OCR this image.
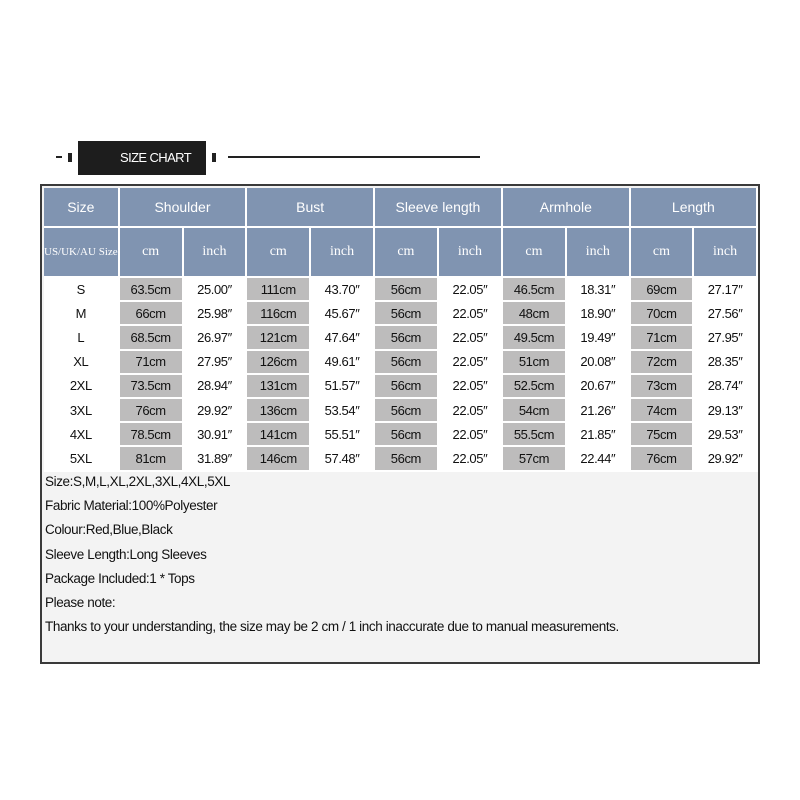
SIZE CHART
Size	Shoulder		Bust		Sleeve length		Armhole		Length	
US/UK/AU Size	cm	inch	cm	inch	cm	inch	cm	inch	cm	inch
S	63.5cm	25.00″	111cm	43.70″	56cm	22.05″	46.5cm	18.31″	69cm	27.17″
M	66cm	25.98″	116cm	45.67″	56cm	22.05″	48cm	18.90″	70cm	27.56″
L	68.5cm	26.97″	121cm	47.64″	56cm	22.05″	49.5cm	19.49″	71cm	27.95″
XL	71cm	27.95″	126cm	49.61″	56cm	22.05″	51cm	20.08″	72cm	28.35″
2XL	73.5cm	28.94″	131cm	51.57″	56cm	22.05″	52.5cm	20.67″	73cm	28.74″
3XL	76cm	29.92″	136cm	53.54″	56cm	22.05″	54cm	21.26″	74cm	29.13″
4XL	78.5cm	30.91″	141cm	55.51″	56cm	22.05″	55.5cm	21.85″	75cm	29.53″
5XL	81cm	31.89″	146cm	57.48″	56cm	22.05″	57cm	22.44″	76cm	29.92″
Size:S,M,L,XL,2XL,3XL,4XL,5XL
Fabric Material:100%Polyester
Colour:Red,Blue,Black
Sleeve Length:Long Sleeves
Package Included:1 * Tops
Please note:
Thanks to your understanding, the size may be 2 cm / 1 inch inaccurate due to manual measurements.
